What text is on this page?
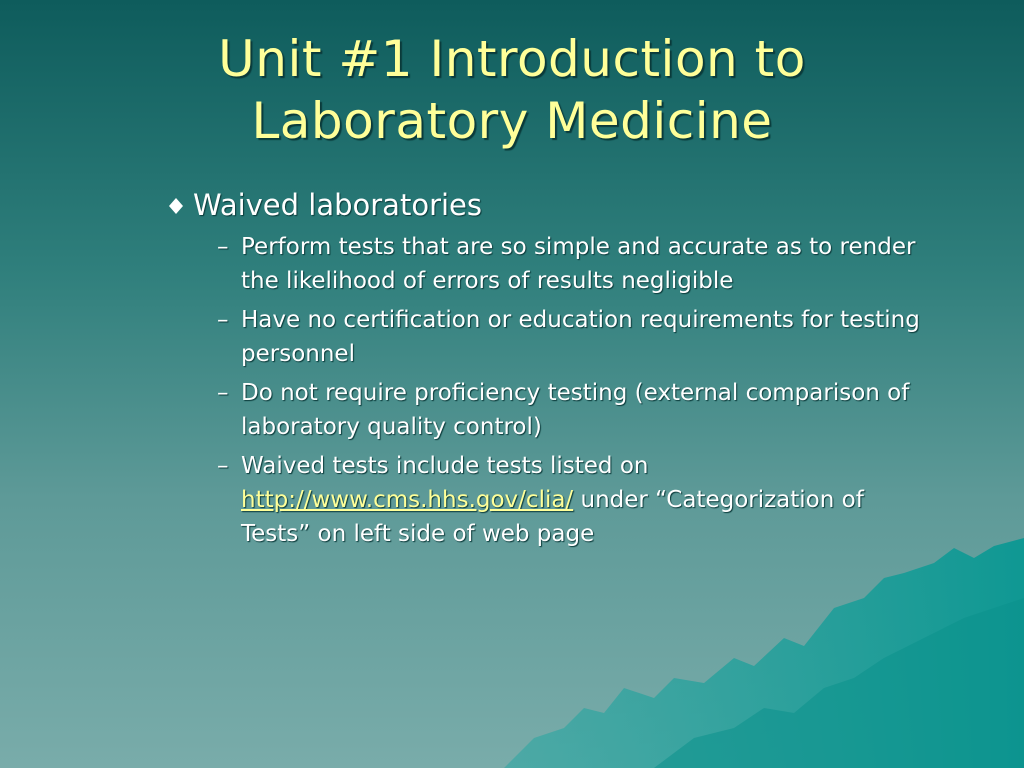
Unit #1 Introduction to Laboratory Medicine
Waived laboratories
– Perform tests that are so simple and accurate as to render the likelihood of errors of results negligible
– Have no certification or education requirements for testing personnel
– Do not require proficiency testing (external comparison of laboratory quality control)
– Waived tests include tests listed on http://www.cms.hhs.gov/clia/ under “Categorization of Tests” on left side of web page
